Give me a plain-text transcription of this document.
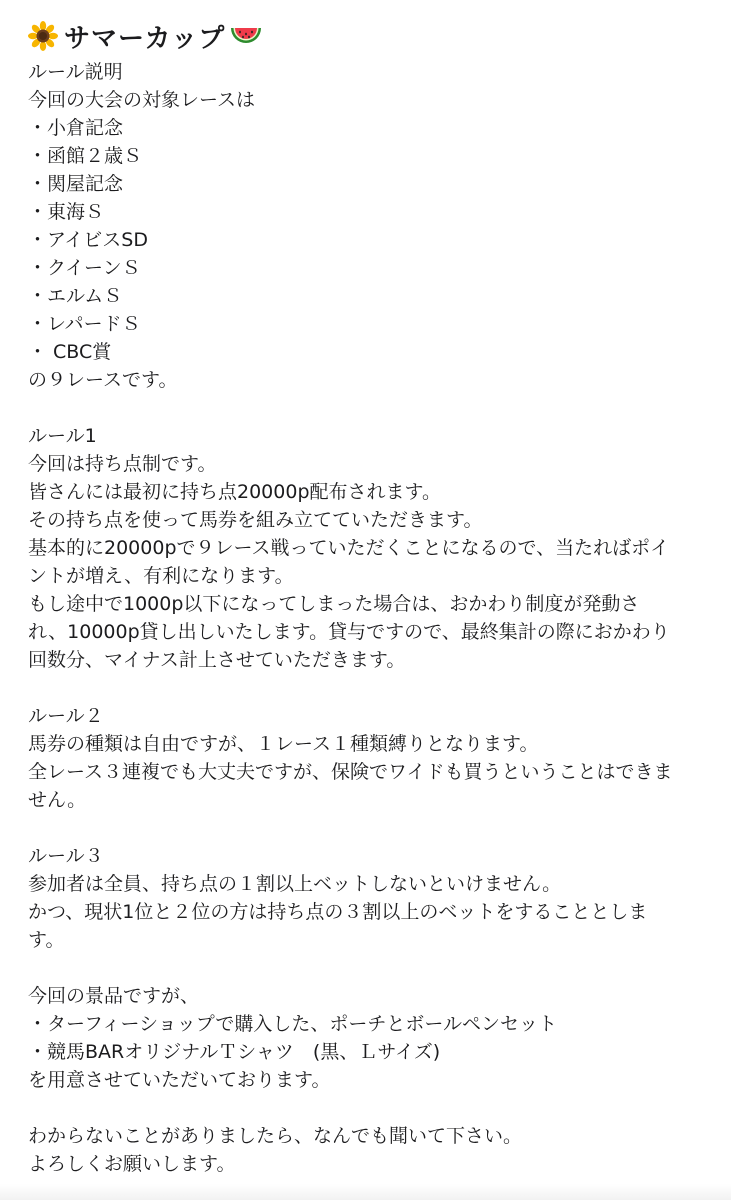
サマーカップ
ルール説明
今回の大会の対象レースは
・小倉記念
・函館２歳Ｓ
・関屋記念
・東海Ｓ
・アイビスSD
・クイーンＳ
・エルムＳ
・レパードＳ
・ CBC賞
の９レースです。
ルール1
今回は持ち点制です。
皆さんには最初に持ち点20000p配布されます。
その持ち点を使って馬券を組み立てていただきます。
基本的に20000pで９レース戦っていただくことになるので、当たればポイ
ントが増え、有利になります。
もし途中で1000p以下になってしまった場合は、おかわり制度が発動さ
れ、10000p貸し出しいたします。貸与ですので、最終集計の際におかわり
回数分、マイナス計上させていただきます。
ルール２
馬券の種類は自由ですが、１レース１種類縛りとなります。
全レース３連複でも大丈夫ですが、保険でワイドも買うということはできま
せん。
ルール３
参加者は全員、持ち点の１割以上ベットしないといけません。
かつ、現状1位と２位の方は持ち点の３割以上のベットをすることとしま
す。
今回の景品ですが、
・ターフィーショップで購入した、ポーチとボールペンセット
・競馬BARオリジナルＴシャツ　(黒、Ｌサイズ)
を用意させていただいております。
わからないことがありましたら、なんでも聞いて下さい。
よろしくお願いします。
